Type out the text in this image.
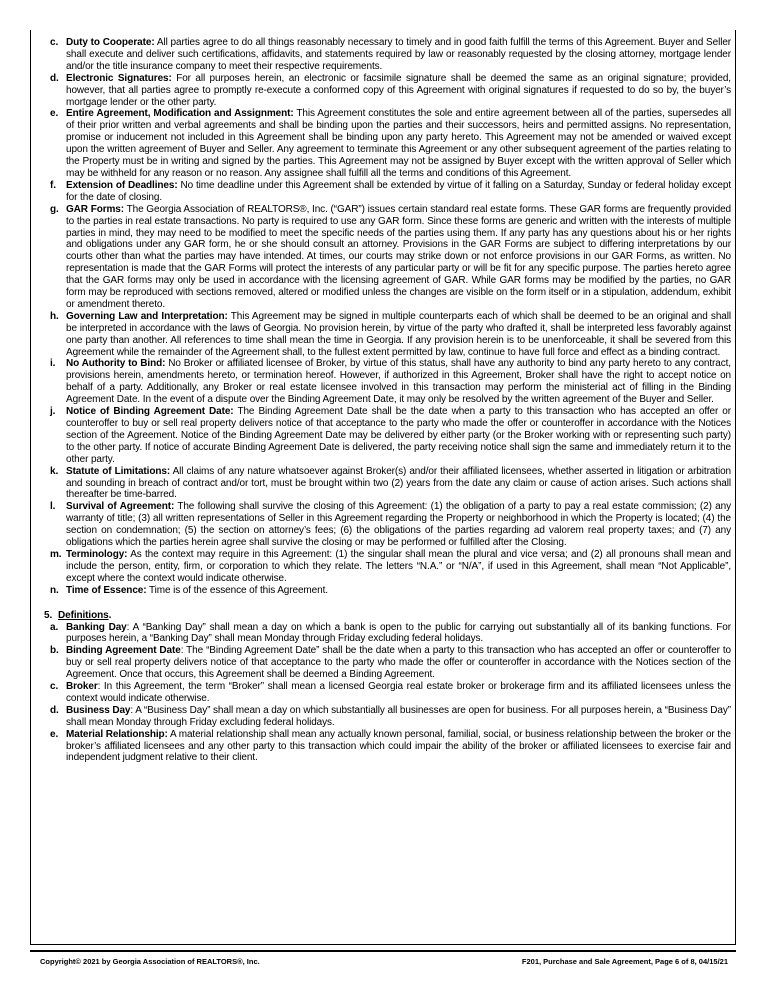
c. Duty to Cooperate: All parties agree to do all things reasonably necessary to timely and in good faith fulfill the terms of this Agreement. Buyer and Seller shall execute and deliver such certifications, affidavits, and statements required by law or reasonably requested by the closing attorney, mortgage lender and/or the title insurance company to meet their respective requirements.
d. Electronic Signatures: For all purposes herein, an electronic or facsimile signature shall be deemed the same as an original signature; provided, however, that all parties agree to promptly re-execute a conformed copy of this Agreement with original signatures if requested to do so by, the buyer’s mortgage lender or the other party.
e. Entire Agreement, Modification and Assignment: This Agreement constitutes the sole and entire agreement between all of the parties, supersedes all of their prior written and verbal agreements and shall be binding upon the parties and their successors, heirs and permitted assigns. No representation, promise or inducement not included in this Agreement shall be binding upon any party hereto. This Agreement may not be amended or waived except upon the written agreement of Buyer and Seller. Any agreement to terminate this Agreement or any other subsequent agreement of the parties relating to the Property must be in writing and signed by the parties. This Agreement may not be assigned by Buyer except with the written approval of Seller which may be withheld for any reason or no reason. Any assignee shall fulfill all the terms and conditions of this Agreement.
f. Extension of Deadlines: No time deadline under this Agreement shall be extended by virtue of it falling on a Saturday, Sunday or federal holiday except for the date of closing.
g. GAR Forms: The Georgia Association of REALTORS®, Inc. (“GAR”) issues certain standard real estate forms. These GAR forms are frequently provided to the parties in real estate transactions. No party is required to use any GAR form. Since these forms are generic and written with the interests of multiple parties in mind, they may need to be modified to meet the specific needs of the parties using them. If any party has any questions about his or her rights and obligations under any GAR form, he or she should consult an attorney. Provisions in the GAR Forms are subject to differing interpretations by our courts other than what the parties may have intended. At times, our courts may strike down or not enforce provisions in our GAR Forms, as written. No representation is made that the GAR Forms will protect the interests of any particular party or will be fit for any specific purpose. The parties hereto agree that the GAR forms may only be used in accordance with the licensing agreement of GAR. While GAR forms may be modified by the parties, no GAR form may be reproduced with sections removed, altered or modified unless the changes are visible on the form itself or in a stipulation, addendum, exhibit or amendment thereto.
h. Governing Law and Interpretation: This Agreement may be signed in multiple counterparts each of which shall be deemed to be an original and shall be interpreted in accordance with the laws of Georgia. No provision herein, by virtue of the party who drafted it, shall be interpreted less favorably against one party than another. All references to time shall mean the time in Georgia. If any provision herein is to be unenforceable, it shall be severed from this Agreement while the remainder of the Agreement shall, to the fullest extent permitted by law, continue to have full force and effect as a binding contract.
i. No Authority to Bind: No Broker or affiliated licensee of Broker, by virtue of this status, shall have any authority to bind any party hereto to any contract, provisions herein, amendments hereto, or termination hereof. However, if authorized in this Agreement, Broker shall have the right to accept notice on behalf of a party. Additionally, any Broker or real estate licensee involved in this transaction may perform the ministerial act of filling in the Binding Agreement Date. In the event of a dispute over the Binding Agreement Date, it may only be resolved by the written agreement of the Buyer and Seller.
j. Notice of Binding Agreement Date: The Binding Agreement Date shall be the date when a party to this transaction who has accepted an offer or counteroffer to buy or sell real property delivers notice of that acceptance to the party who made the offer or counteroffer in accordance with the Notices section of the Agreement. Notice of the Binding Agreement Date may be delivered by either party (or the Broker working with or representing such party) to the other party. If notice of accurate Binding Agreement Date is delivered, the party receiving notice shall sign the same and immediately return it to the other party.
k. Statute of Limitations: All claims of any nature whatsoever against Broker(s) and/or their affiliated licensees, whether asserted in litigation or arbitration and sounding in breach of contract and/or tort, must be brought within two (2) years from the date any claim or cause of action arises. Such actions shall thereafter be time-barred.
l. Survival of Agreement: The following shall survive the closing of this Agreement: (1) the obligation of a party to pay a real estate commission; (2) any warranty of title; (3) all written representations of Seller in this Agreement regarding the Property or neighborhood in which the Property is located; (4) the section on condemnation; (5) the section on attorney’s fees; (6) the obligations of the parties regarding ad valorem real property taxes; and (7) any obligations which the parties herein agree shall survive the closing or may be performed or fulfilled after the Closing.
m. Terminology: As the context may require in this Agreement: (1) the singular shall mean the plural and vice versa; and (2) all pronouns shall mean and include the person, entity, firm, or corporation to which they relate. The letters “N.A.” or “N/A”, if used in this Agreement, shall mean “Not Applicable”, except where the context would indicate otherwise.
n. Time of Essence: Time is of the essence of this Agreement.
5. Definitions.
a. Banking Day: A “Banking Day” shall mean a day on which a bank is open to the public for carrying out substantially all of its banking functions. For purposes herein, a “Banking Day” shall mean Monday through Friday excluding federal holidays.
b. Binding Agreement Date: The “Binding Agreement Date” shall be the date when a party to this transaction who has accepted an offer or counteroffer to buy or sell real property delivers notice of that acceptance to the party who made the offer or counteroffer in accordance with the Notices section of the Agreement. Once that occurs, this Agreement shall be deemed a Binding Agreement.
c. Broker: In this Agreement, the term “Broker” shall mean a licensed Georgia real estate broker or brokerage firm and its affiliated licensees unless the context would indicate otherwise.
d. Business Day: A “Business Day” shall mean a day on which substantially all businesses are open for business. For all purposes herein, a “Business Day” shall mean Monday through Friday excluding federal holidays.
e. Material Relationship: A material relationship shall mean any actually known personal, familial, social, or business relationship between the broker or the broker’s affiliated licensees and any other party to this transaction which could impair the ability of the broker or affiliated licensees to exercise fair and independent judgment relative to their client.
Copyright© 2021 by Georgia Association of REALTORS®, Inc.	F201, Purchase and Sale Agreement, Page 6 of 8, 04/15/21
